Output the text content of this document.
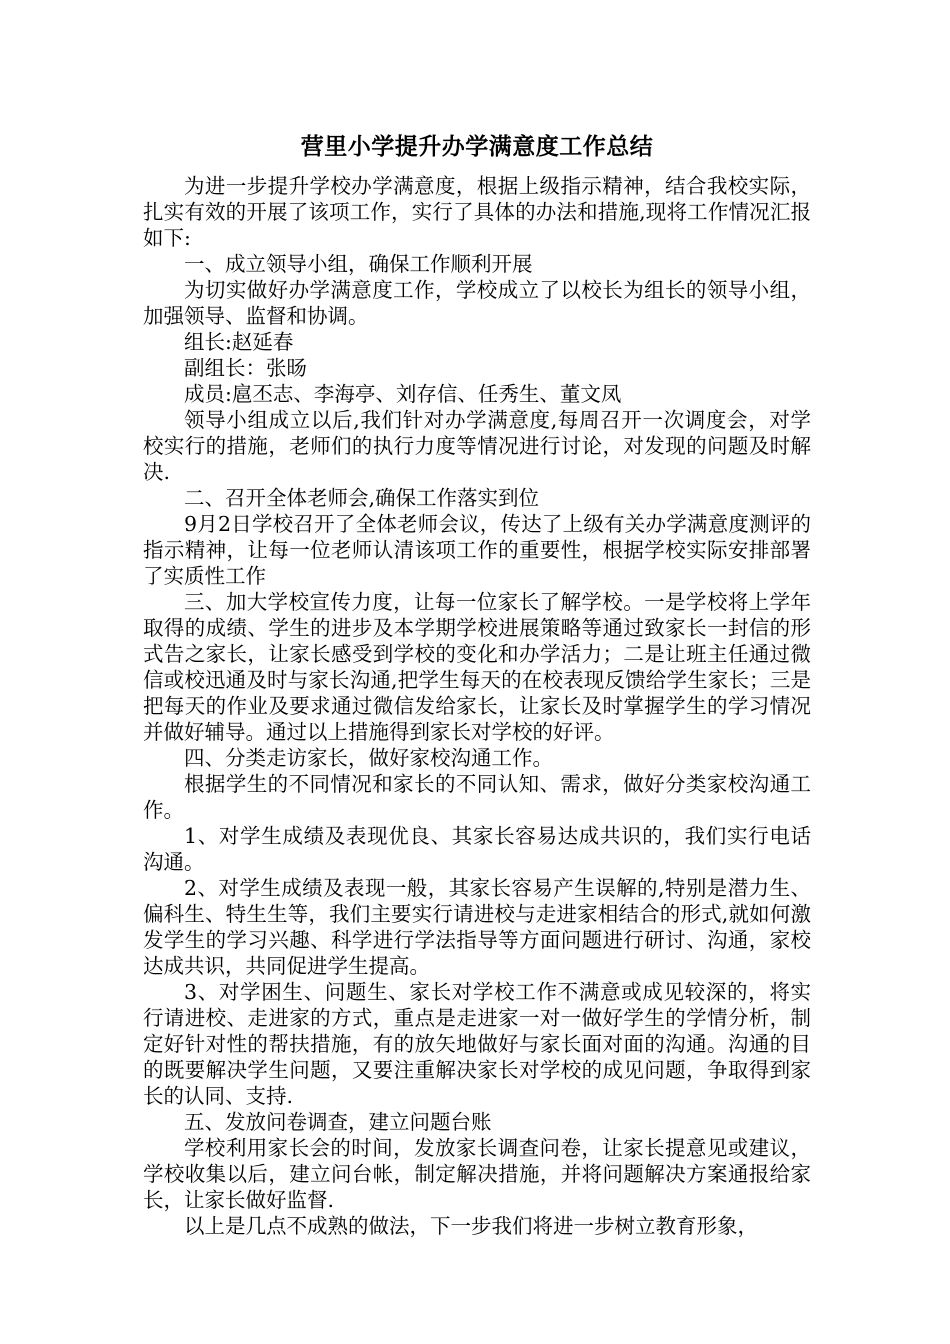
营里小学提升办学满意度工作总结

为进一步提升学校办学满意度，根据上级指示精神，结合我校实际，扎实有效的开展了该项工作，实行了具体的办法和措施,现将工作情况汇报如下:

一、成立领导小组，确保工作顺利开展

为切实做好办学满意度工作，学校成立了以校长为组长的领导小组，加强领导、监督和协调。

组长:赵延春

副组长：张旸

成员:扈丕志、李海亭、刘存信、任秀生、董文凤

领导小组成立以后,我们针对办学满意度,每周召开一次调度会，对学校实行的措施，老师们的执行力度等情况进行讨论，对发现的问题及时解决.

二、召开全体老师会,确保工作落实到位

9月2日学校召开了全体老师会议，传达了上级有关办学满意度测评的指示精神，让每一位老师认清该项工作的重要性，根据学校实际安排部署了实质性工作

三、加大学校宣传力度，让每一位家长了解学校。一是学校将上学年取得的成绩、学生的进步及本学期学校进展策略等通过致家长一封信的形式告之家长，让家长感受到学校的变化和办学活力；二是让班主任通过微信或校迅通及时与家长沟通,把学生每天的在校表现反馈给学生家长；三是把每天的作业及要求通过微信发给家长，让家长及时掌握学生的学习情况并做好辅导。通过以上措施得到家长对学校的好评。

四、分类走访家长，做好家校沟通工作。

根据学生的不同情况和家长的不同认知、需求，做好分类家校沟通工作。

1、对学生成绩及表现优良、其家长容易达成共识的，我们实行电话沟通。

2、对学生成绩及表现一般，其家长容易产生误解的,特别是潜力生、偏科生、特生生等，我们主要实行请进校与走进家相结合的形式,就如何激发学生的学习兴趣、科学进行学法指导等方面问题进行研讨、沟通，家校达成共识，共同促进学生提高。

3、对学困生、问题生、家长对学校工作不满意或成见较深的，将实行请进校、走进家的方式，重点是走进家一对一做好学生的学情分析，制定好针对性的帮扶措施，有的放矢地做好与家长面对面的沟通。沟通的目的既要解决学生问题，又要注重解决家长对学校的成见问题，争取得到家长的认同、支持.

五、发放问卷调查，建立问题台账

学校利用家长会的时间，发放家长调查问卷，让家长提意见或建议，学校收集以后，建立问台帐，制定解决措施，并将问题解决方案通报给家长，让家长做好监督.

以上是几点不成熟的做法，下一步我们将进一步树立教育形象，
